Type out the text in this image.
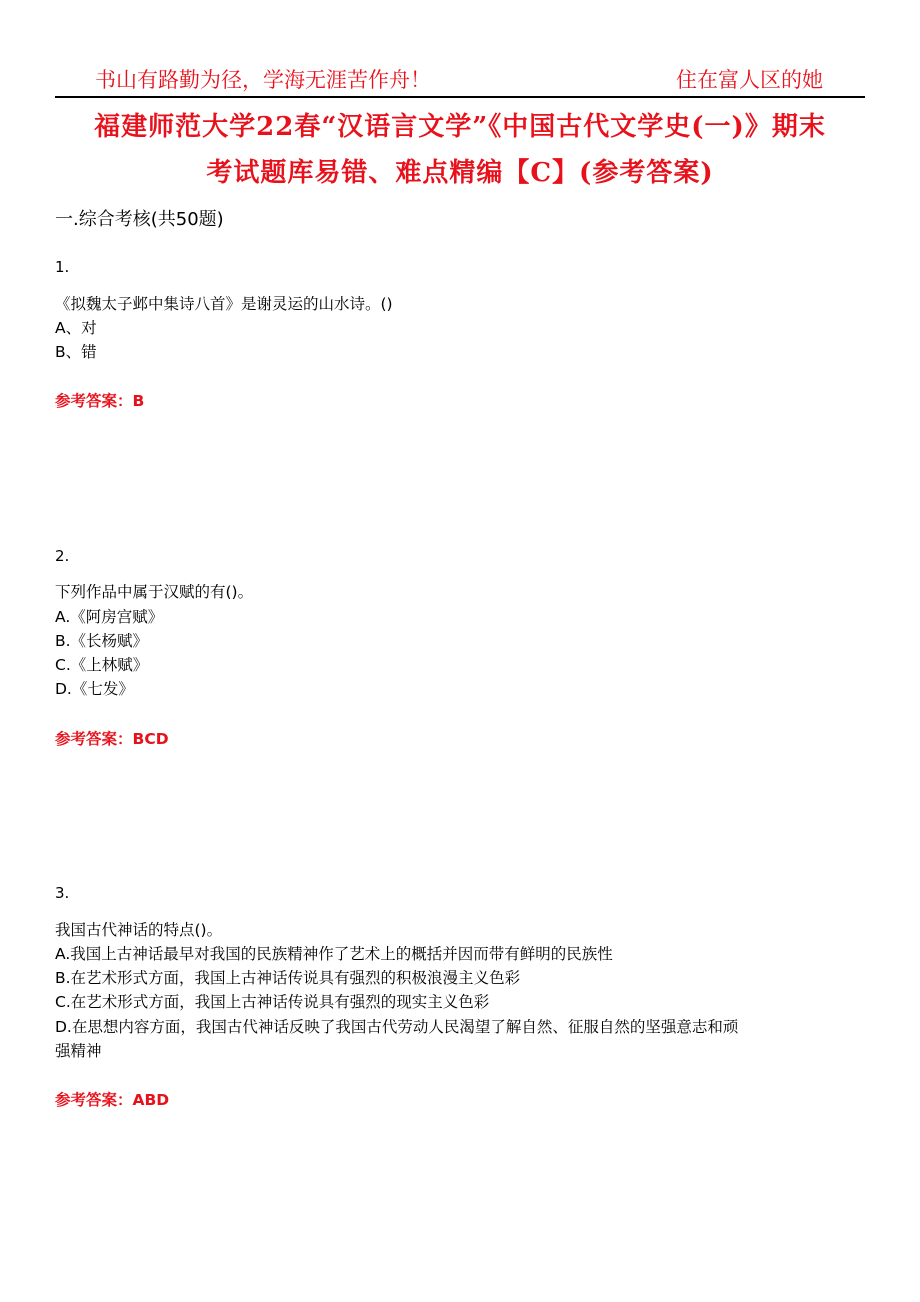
书山有路勤为径，学海无涯苦作舟！	住在富人区的她
福建师范大学22春“汉语言文学”《中国古代文学史(一)》期末
考试题库易错、难点精编【C】(参考答案)
一.综合考核(共50题)
1.
《拟魏太子邺中集诗八首》是谢灵运的山水诗。()
A、对
B、错
参考答案：B
2.
下列作品中属于汉赋的有()。
A.《阿房宫赋》
B.《长杨赋》
C.《上林赋》
D.《七发》
参考答案：BCD
3.
我国古代神话的特点()。
A.我国上古神话最早对我国的民族精神作了艺术上的概括并因而带有鲜明的民族性
B.在艺术形式方面，我国上古神话传说具有强烈的积极浪漫主义色彩
C.在艺术形式方面，我国上古神话传说具有强烈的现实主义色彩
D.在思想内容方面，我国古代神话反映了我国古代劳动人民渴望了解自然、征服自然的坚强意志和顽
强精神
参考答案：ABD
